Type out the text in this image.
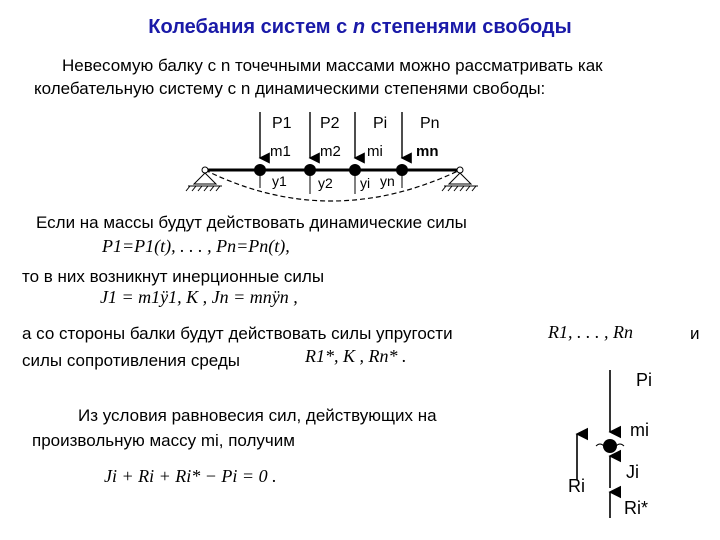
Колебания систем с n степенями свободы
Невесомую балку с n точечными массами можно рассматривать как
колебательную систему с n динамическими степенями свободы:
P1 P2 Pi Pn
m1 m2 mi mn
y1 y2 yi yn
Если на массы будут действовать динамические силы
P1=P1(t), . . . , Pn=Pn(t),
то в них возникнут инерционные силы
J1 = m1ÿ1, K , Jn = mnÿn ,
а со стороны балки будут действовать силы упругости	R1, . . . , Rn	и
силы сопротивления среды	R1*, K , Rn* .
Из условия равновесия сил, действующих на
произвольную массу mi, получим
Ji + Ri + Ri* − Pi = 0 .
Pi
mi
Ri
Ji
Ri*
